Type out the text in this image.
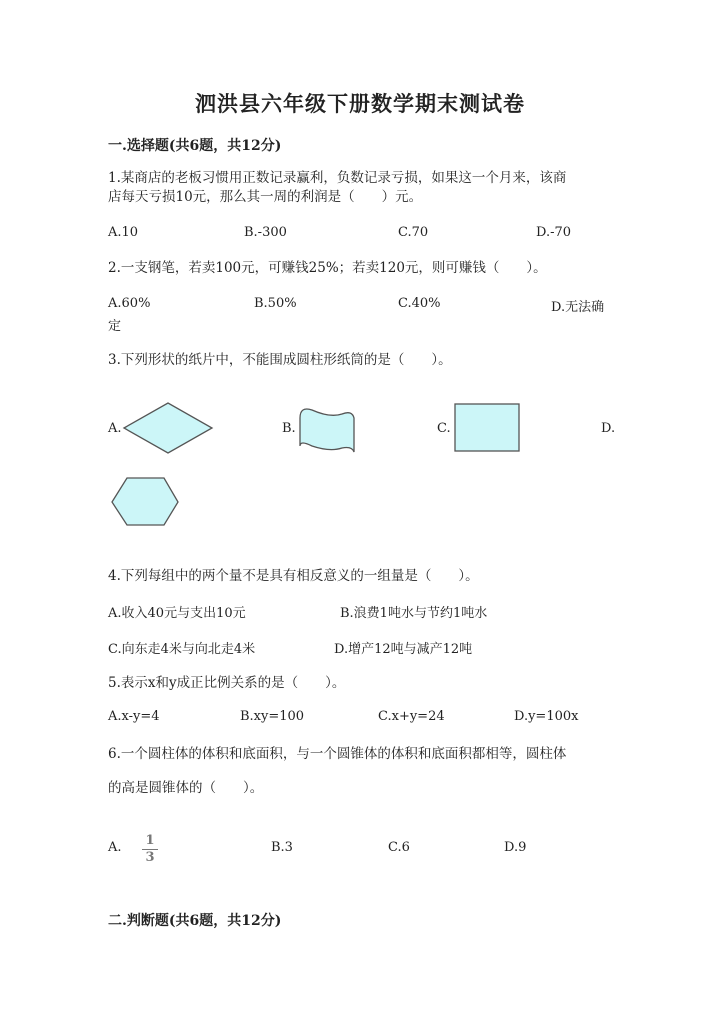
泗洪县六年级下册数学期末测试卷
一.选择题(共6题，共12分)
1.某商店的老板习惯用正数记录赢利，负数记录亏损，如果这一个月来，该商
店每天亏损10元，那么其一周的利润是（　　）元。
A.10	B.-300	C.70	D.-70
2.一支钢笔，若卖100元，可赚钱25%；若卖120元，则可赚钱（　　）。
A.60%	B.50%	C.40%	D.无法确
定
3.下列形状的纸片中，不能围成圆柱形纸筒的是（　　）。
A.	B.	C.	D.
4.下列每组中的两个量不是具有相反意义的一组量是（　　）。
A.收入40元与支出10元	B.浪费1吨水与节约1吨水
C.向东走4米与向北走4米	D.增产12吨与减产12吨
5.表示x和y成正比例关系的是（　　）。
A.x-y=4	B.xy=100	C.x+y=24	D.y=100x
6.一个圆柱体的体积和底面积，与一个圆锥体的体积和底面积都相等，圆柱体
的高是圆锥体的（　　）。
A. 1
3
B.3	C.6	D.9
二.判断题(共6题，共12分)
